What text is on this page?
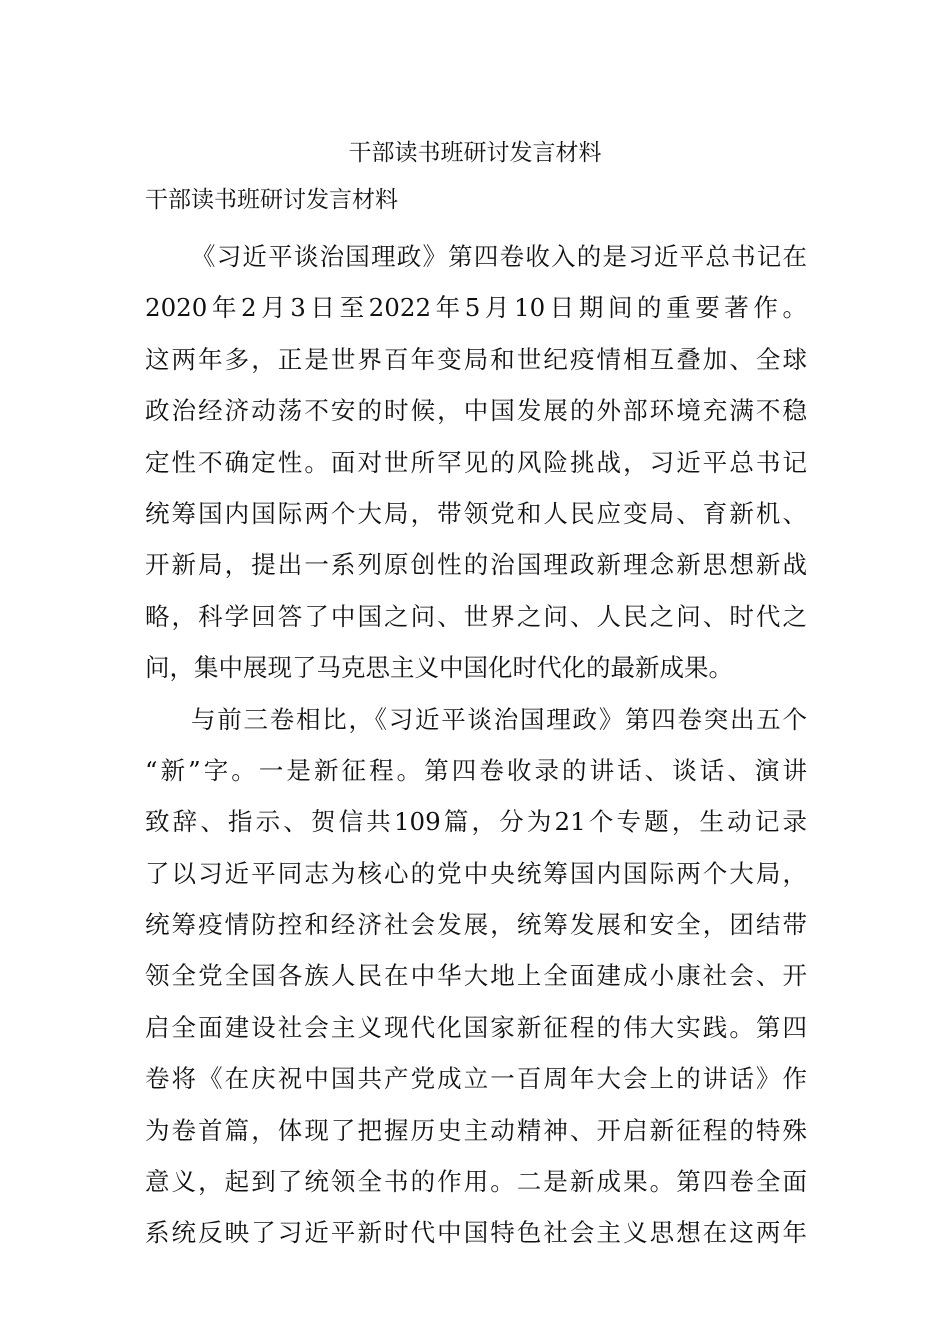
干部读书班研讨发言材料
干部读书班研讨发言材料
《习近平谈治国理政》第四卷收入的是习近平总书记在
2020年2月3日至2022年5月10日期间的重要著作。
这两年多，正是世界百年变局和世纪疫情相互叠加、全球
政治经济动荡不安的时候，中国发展的外部环境充满不稳
定性不确定性。面对世所罕见的风险挑战，习近平总书记
统筹国内国际两个大局，带领党和人民应变局、育新机、
开新局，提出一系列原创性的治国理政新理念新思想新战
略，科学回答了中国之问、世界之问、人民之问、时代之
问，集中展现了马克思主义中国化时代化的最新成果。
与前三卷相比，《习近平谈治国理政》第四卷突出五个
“新”字。一是新征程。第四卷收录的讲话、谈话、演讲
致辞、指示、贺信共109篇，分为21个专题，生动记录
了以习近平同志为核心的党中央统筹国内国际两个大局，
统筹疫情防控和经济社会发展，统筹发展和安全，团结带
领全党全国各族人民在中华大地上全面建成小康社会、开
启全面建设社会主义现代化国家新征程的伟大实践。第四
卷将《在庆祝中国共产党成立一百周年大会上的讲话》作
为卷首篇，体现了把握历史主动精神、开启新征程的特殊
意义，起到了统领全书的作用。二是新成果。第四卷全面
系统反映了习近平新时代中国特色社会主义思想在这两年
